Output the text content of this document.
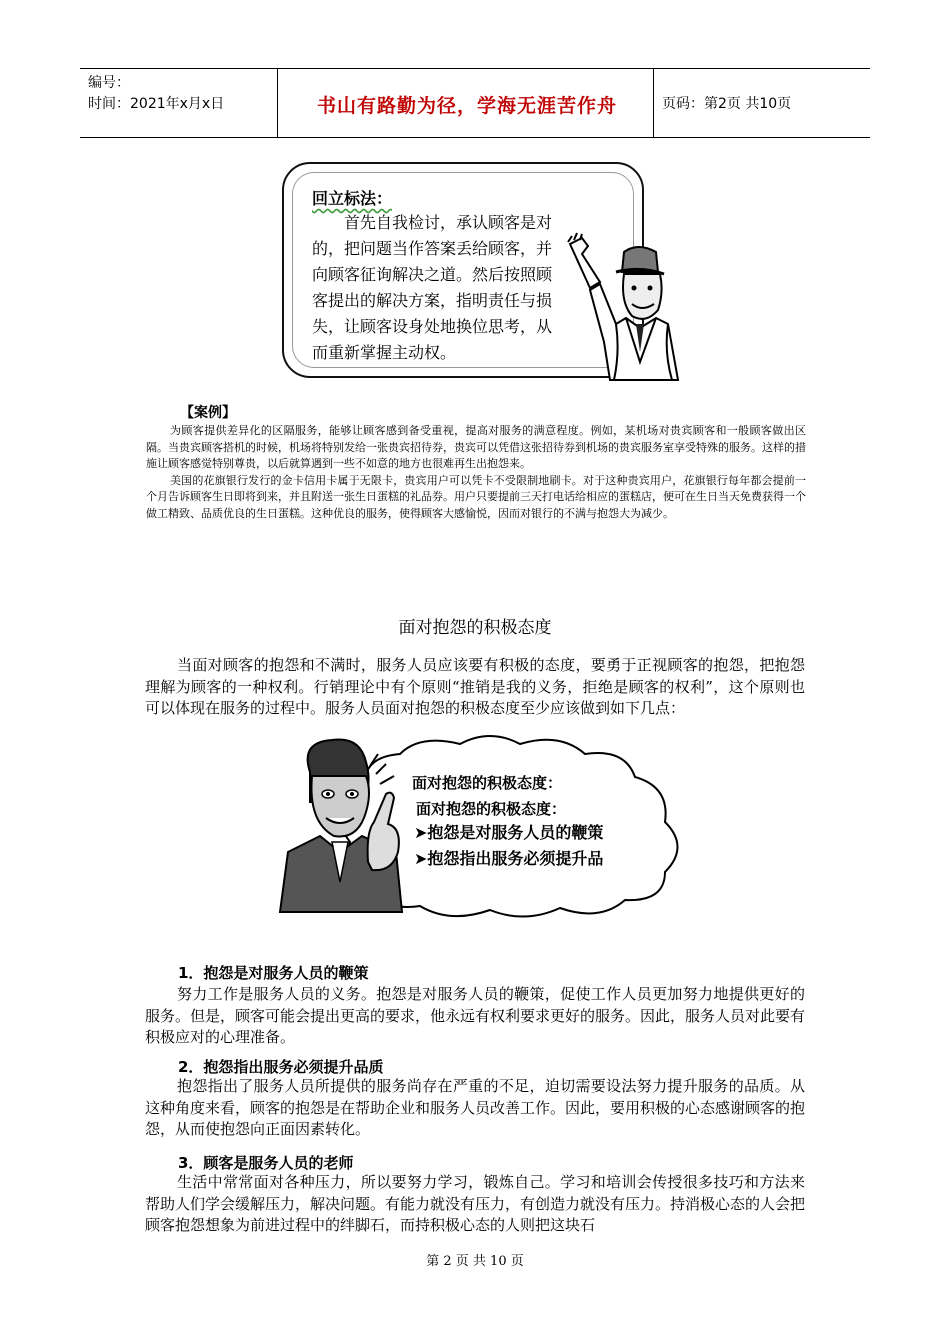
编号：
时间：2021年x月x日	书山有路勤为径，学海无涯苦作舟	页码：第2页 共10页
回立标法：
首先自我检讨，承认顾客是对的，把问题当作答案丢给顾客，并向顾客征询解决之道。然后按照顾客提出的解决方案，指明责任与损失，让顾客设身处地换位思考，从而重新掌握主动权。
【案例】

为顾客提供差异化的区隔服务，能够让顾客感到备受重视，提高对服务的满意程度。例如，某机场对贵宾顾客和一般顾客做出区隔。当贵宾顾客搭机的时候，机场将特别发给一张贵宾招待券，贵宾可以凭借这张招待券到机场的贵宾服务室享受特殊的服务。这样的措施让顾客感觉特别尊贵，以后就算遇到一些不如意的地方也很难再生出抱怨来。

美国的花旗银行发行的金卡信用卡属于无限卡，贵宾用户可以凭卡不受限制地刷卡。对于这种贵宾用户，花旗银行每年都会提前一个月告诉顾客生日即将到来，并且附送一张生日蛋糕的礼品券。用户只要提前三天打电话给相应的蛋糕店，便可在生日当天免费获得一个做工精致、品质优良的生日蛋糕。这种优良的服务，使得顾客大感愉悦，因而对银行的不满与抱怨大为减少。

面对抱怨的积极态度

当面对顾客的抱怨和不满时，服务人员应该要有积极的态度，要勇于正视顾客的抱怨，把抱怨理解为顾客的一种权利。行销理论中有个原则“推销是我的义务，拒绝是顾客的权利”，这个原则也可以体现在服务的过程中。服务人员面对抱怨的积极态度至少应该做到如下几点：

面对抱怨的积极态度：
面对抱怨的积极态度：
➤抱怨是对服务人员的鞭策
➤抱怨指出服务必须提升品
1．抱怨是对服务人员的鞭策

努力工作是服务人员的义务。抱怨是对服务人员的鞭策，促使工作人员更加努力地提供更好的服务。但是，顾客可能会提出更高的要求，他永远有权利要求更好的服务。因此，服务人员对此要有积极应对的心理准备。

2．抱怨指出服务必须提升品质

抱怨指出了服务人员所提供的服务尚存在严重的不足，迫切需要设法努力提升服务的品质。从这种角度来看，顾客的抱怨是在帮助企业和服务人员改善工作。因此，要用积极的心态感谢顾客的抱怨，从而使抱怨向正面因素转化。

3．顾客是服务人员的老师

生活中常常面对各种压力，所以要努力学习，锻炼自己。学习和培训会传授很多技巧和方法来帮助人们学会缓解压力，解决问题。有能力就没有压力，有创造力就没有压力。持消极心态的人会把顾客抱怨想象为前进过程中的绊脚石，而持积极心态的人则把这块石

第 2 页 共 10 页
